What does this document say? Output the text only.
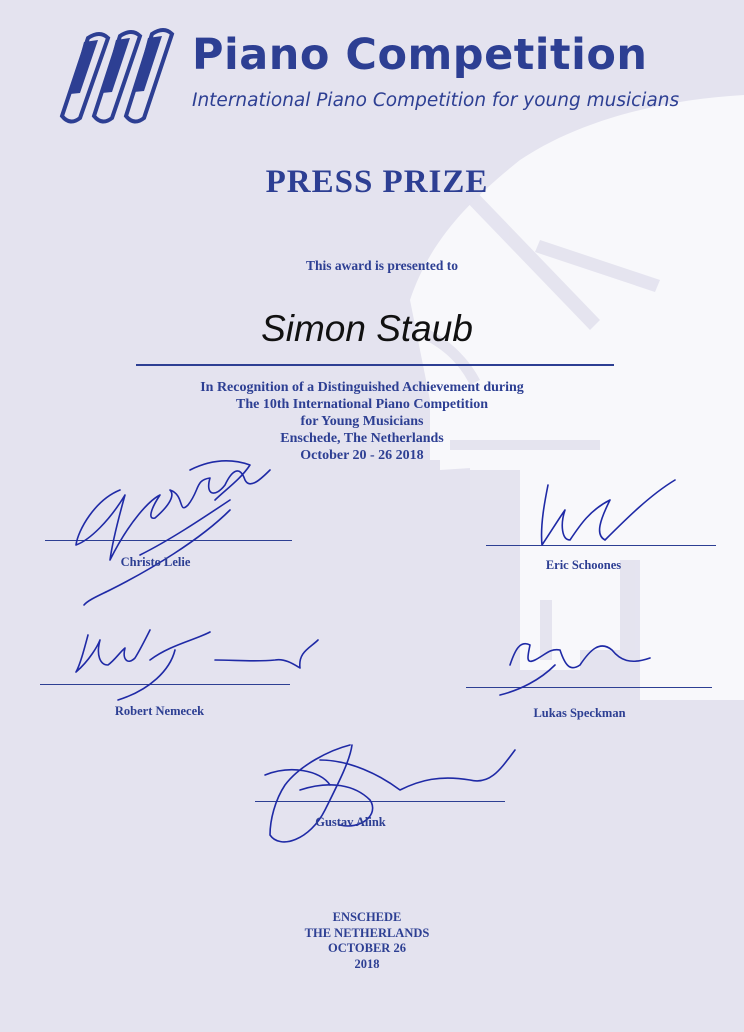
Piano Competition
International Piano Competition for young musicians
PRESS PRIZE
This award is presented to
Simon Staub
In Recognition of a Distinguished Achievement during
The 10th International Piano Competition
for Young Musicians
Enschede, The Netherlands
October 20 - 26 2018
Christo Lelie	Eric Schoones
Robert Nemecek	Lukas Speckman
Gustav Alink
ENSCHEDE
THE NETHERLANDS
OCTOBER 26
2018
